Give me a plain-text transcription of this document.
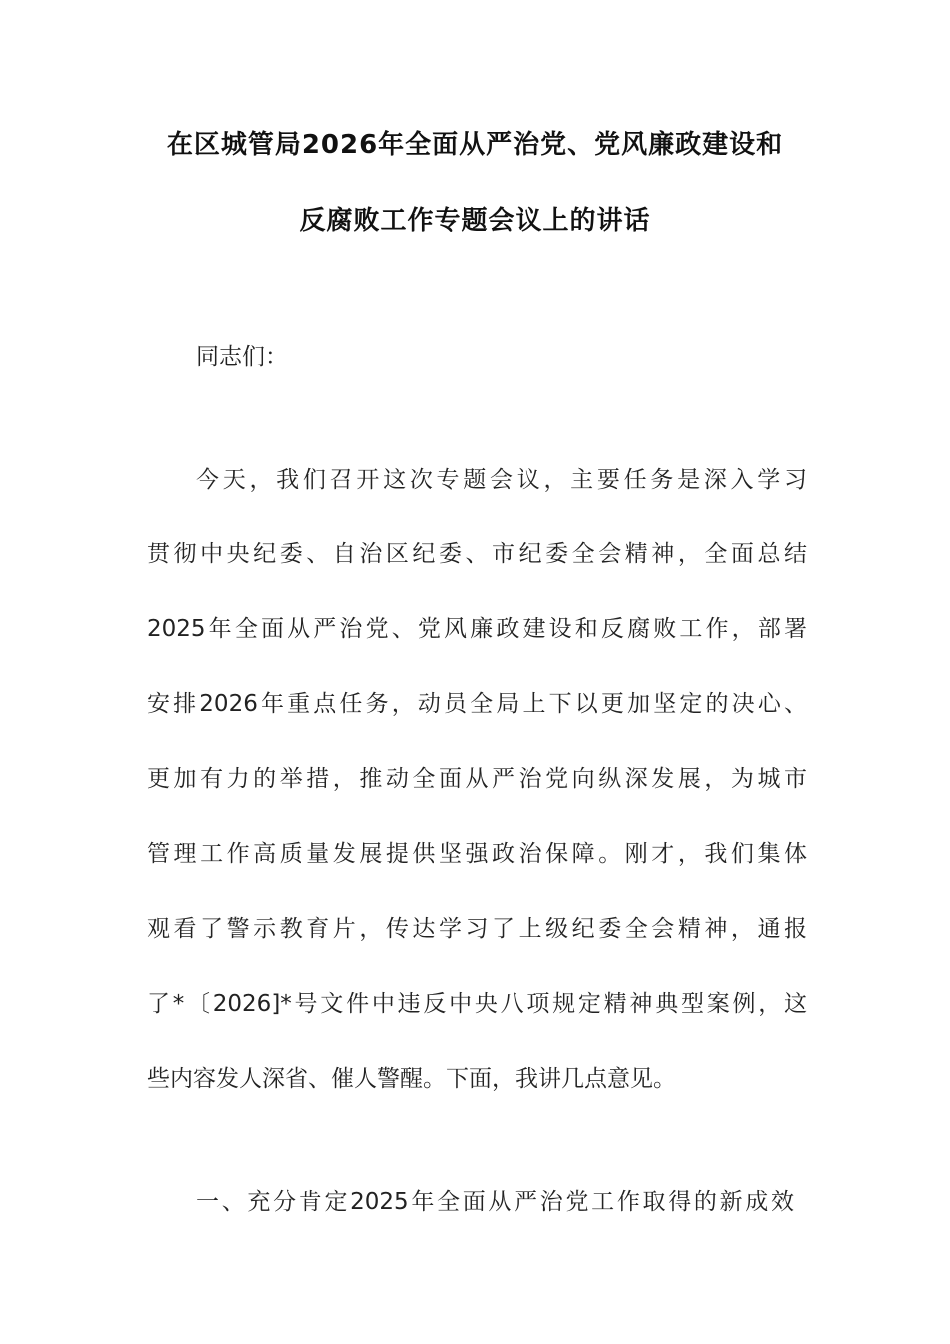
在区城管局2026年全面从严治党、党风廉政建设和
反腐败工作专题会议上的讲话
同志们：
今天，我们召开这次专题会议，主要任务是深入学习
贯彻中央纪委、自治区纪委、市纪委全会精神，全面总结
2025年全面从严治党、党风廉政建设和反腐败工作，部署
安排2026年重点任务，动员全局上下以更加坚定的决心、
更加有力的举措，推动全面从严治党向纵深发展，为城市
管理工作高质量发展提供坚强政治保障。刚才，我们集体
观看了警示教育片，传达学习了上级纪委全会精神，通报
了*〔2026]*号文件中违反中央八项规定精神典型案例，这
些内容发人深省、催人警醒。下面，我讲几点意见。
一、充分肯定2025年全面从严治党工作取得的新成效
